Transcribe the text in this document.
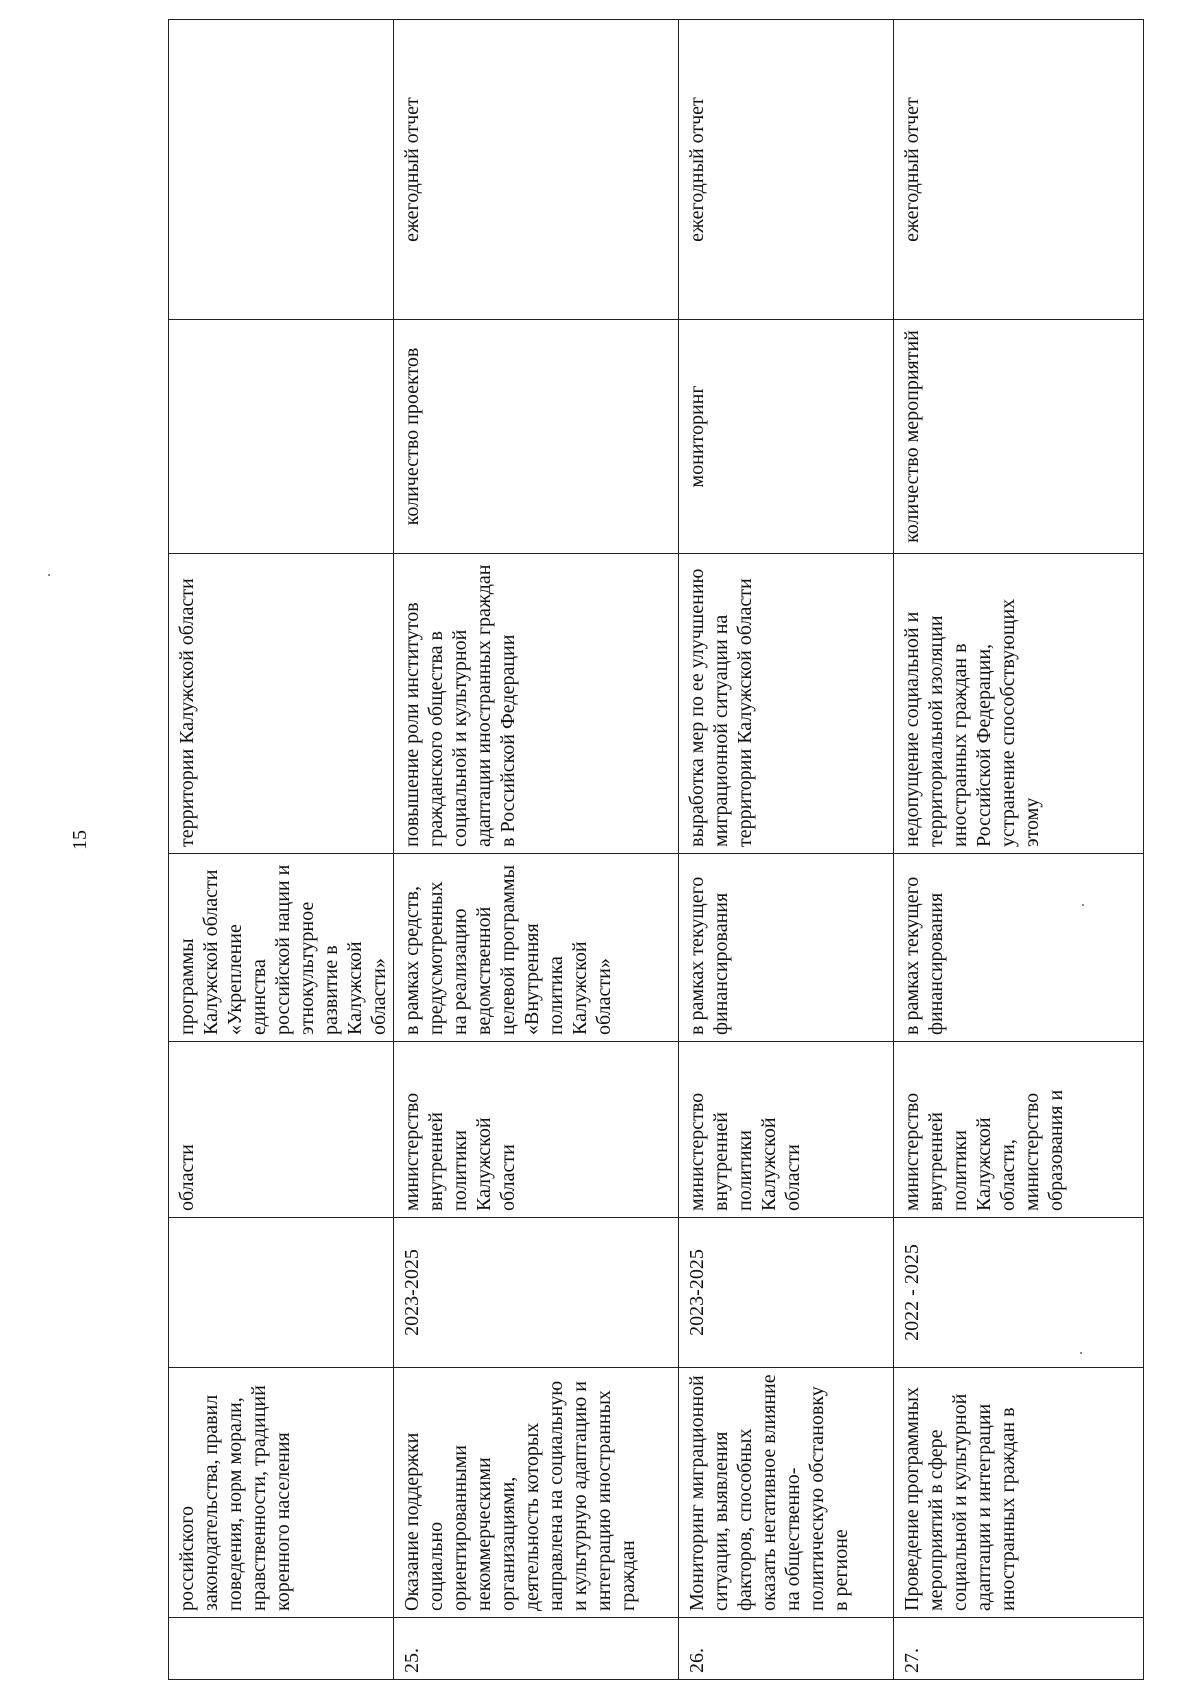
15
	российского законодательства, правил поведения, норм морали, нравственности, традиций коренного населения		области	программы Калужской области «Укрепление единства российской нации и этнокультурное развитие в Калужской области»	территории Калужской области		
25.	Оказание поддержки социально ориентированными некоммерческими организациями, деятельность которых направлена на социальную и культурную адаптацию и интеграцию иностранных граждан	2023-2025	министерство внутренней политики Калужской области	в рамках средств, предусмотренных на реализацию ведомственной целевой программы «Внутренняя политика Калужской области»	повышение роли институтов гражданского общества в социальной и культурной адаптации иностранных граждан в Российской Федерации	количество проектов	ежегодный отчет
26.	Мониторинг миграционной ситуации, выявления факторов, способных оказать негативное влияние на общественно-политическую обстановку в регионе	2023-2025	министерство внутренней политики Калужской области	в рамках текущего финансирования	выработка мер по ее улучшению миграционной ситуации на территории Калужской области	мониторинг	ежегодный отчет
27.	Проведение программных мероприятий в сфере социальной и культурной адаптации и интеграции иностранных граждан в	2022 - 2025	министерство внутренней политики Калужской области, министерство образования и	в рамках текущего финансирования	недопущение социальной и территориальной изоляции иностранных граждан в Российской Федерации, устранение способствующих этому	количество мероприятий	ежегодный отчет
